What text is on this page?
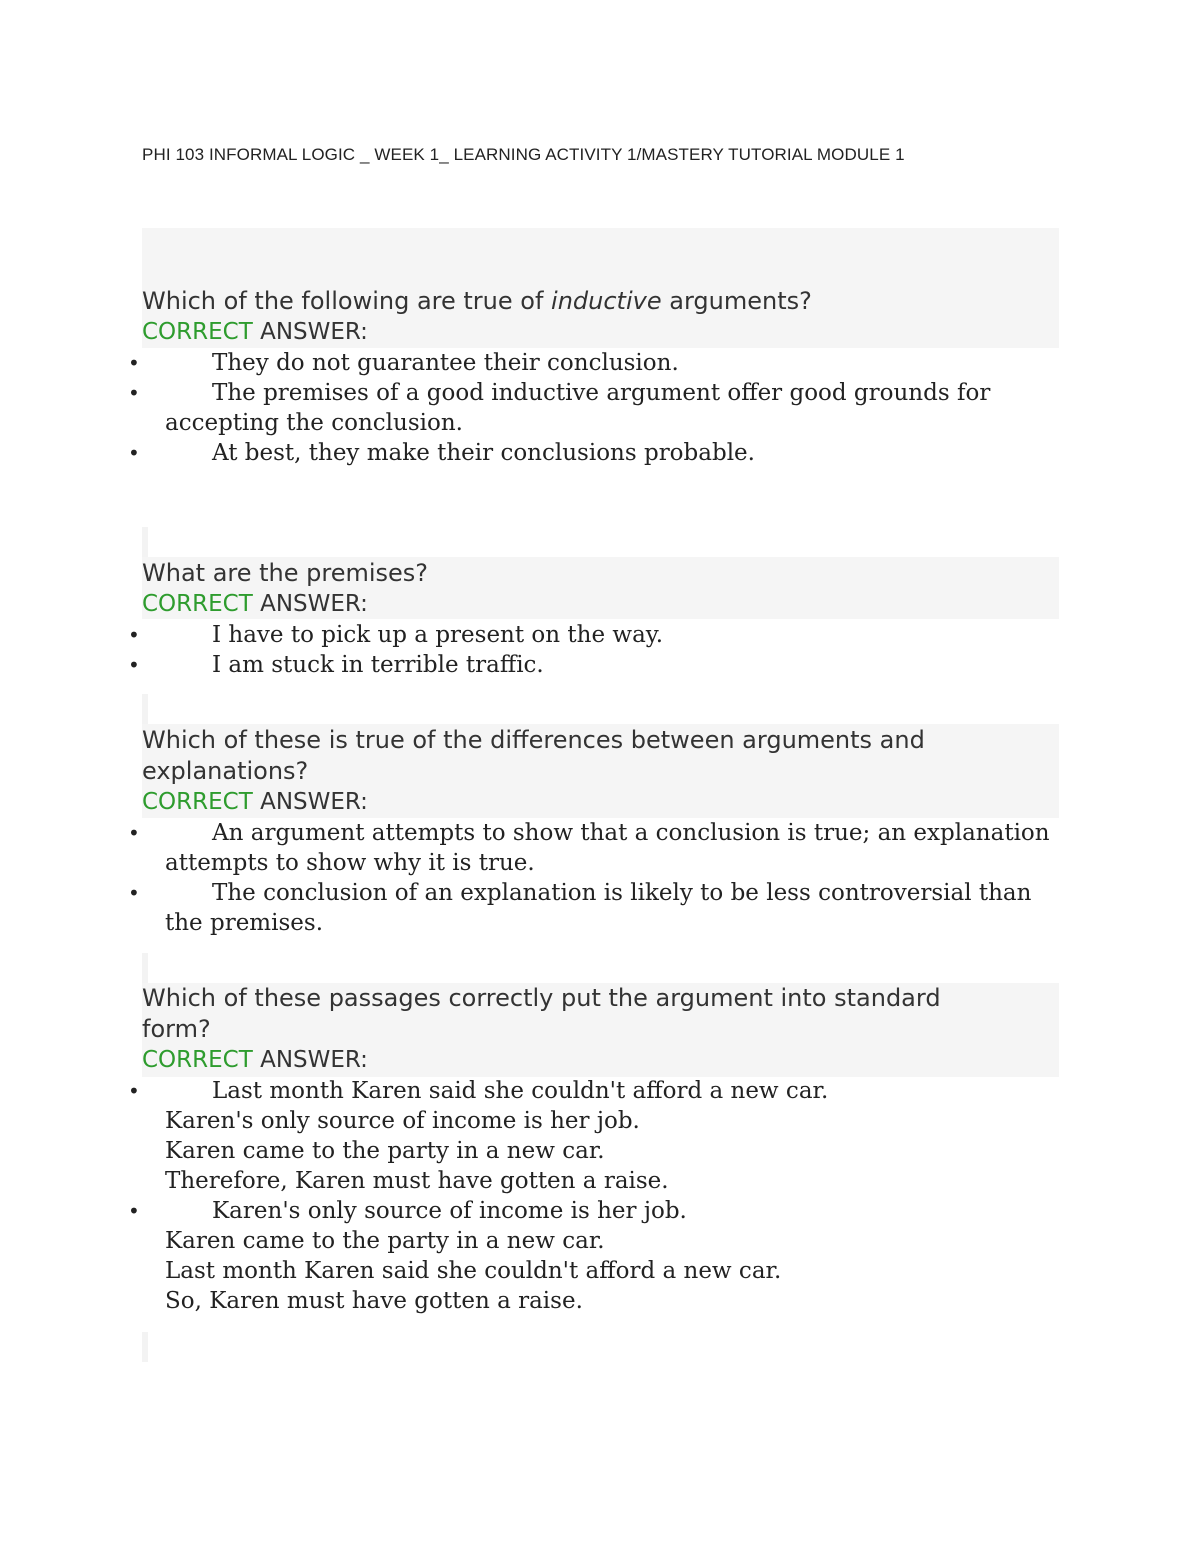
PHI 103 INFORMAL LOGIC _ WEEK 1_ LEARNING ACTIVITY 1/MASTERY TUTORIAL MODULE 1
Which of the following are true of inductive arguments?
CORRECT ANSWER:
•	They do not guarantee their conclusion.
•	The premises of a good inductive argument offer good grounds for
accepting the conclusion.
•	At best, they make their conclusions probable.
What are the premises?
CORRECT ANSWER:
•	I have to pick up a present on the way.
•	I am stuck in terrible traffic.
Which of these is true of the differences between arguments and
explanations?
CORRECT ANSWER:
•	An argument attempts to show that a conclusion is true; an explanation
attempts to show why it is true.
•	The conclusion of an explanation is likely to be less controversial than
the premises.
Which of these passages correctly put the argument into standard
form?
CORRECT ANSWER:
•	Last month Karen said she couldn't afford a new car.
Karen's only source of income is her job.
Karen came to the party in a new car.
Therefore, Karen must have gotten a raise.
•	Karen's only source of income is her job.
Karen came to the party in a new car.
Last month Karen said she couldn't afford a new car.
So, Karen must have gotten a raise.
